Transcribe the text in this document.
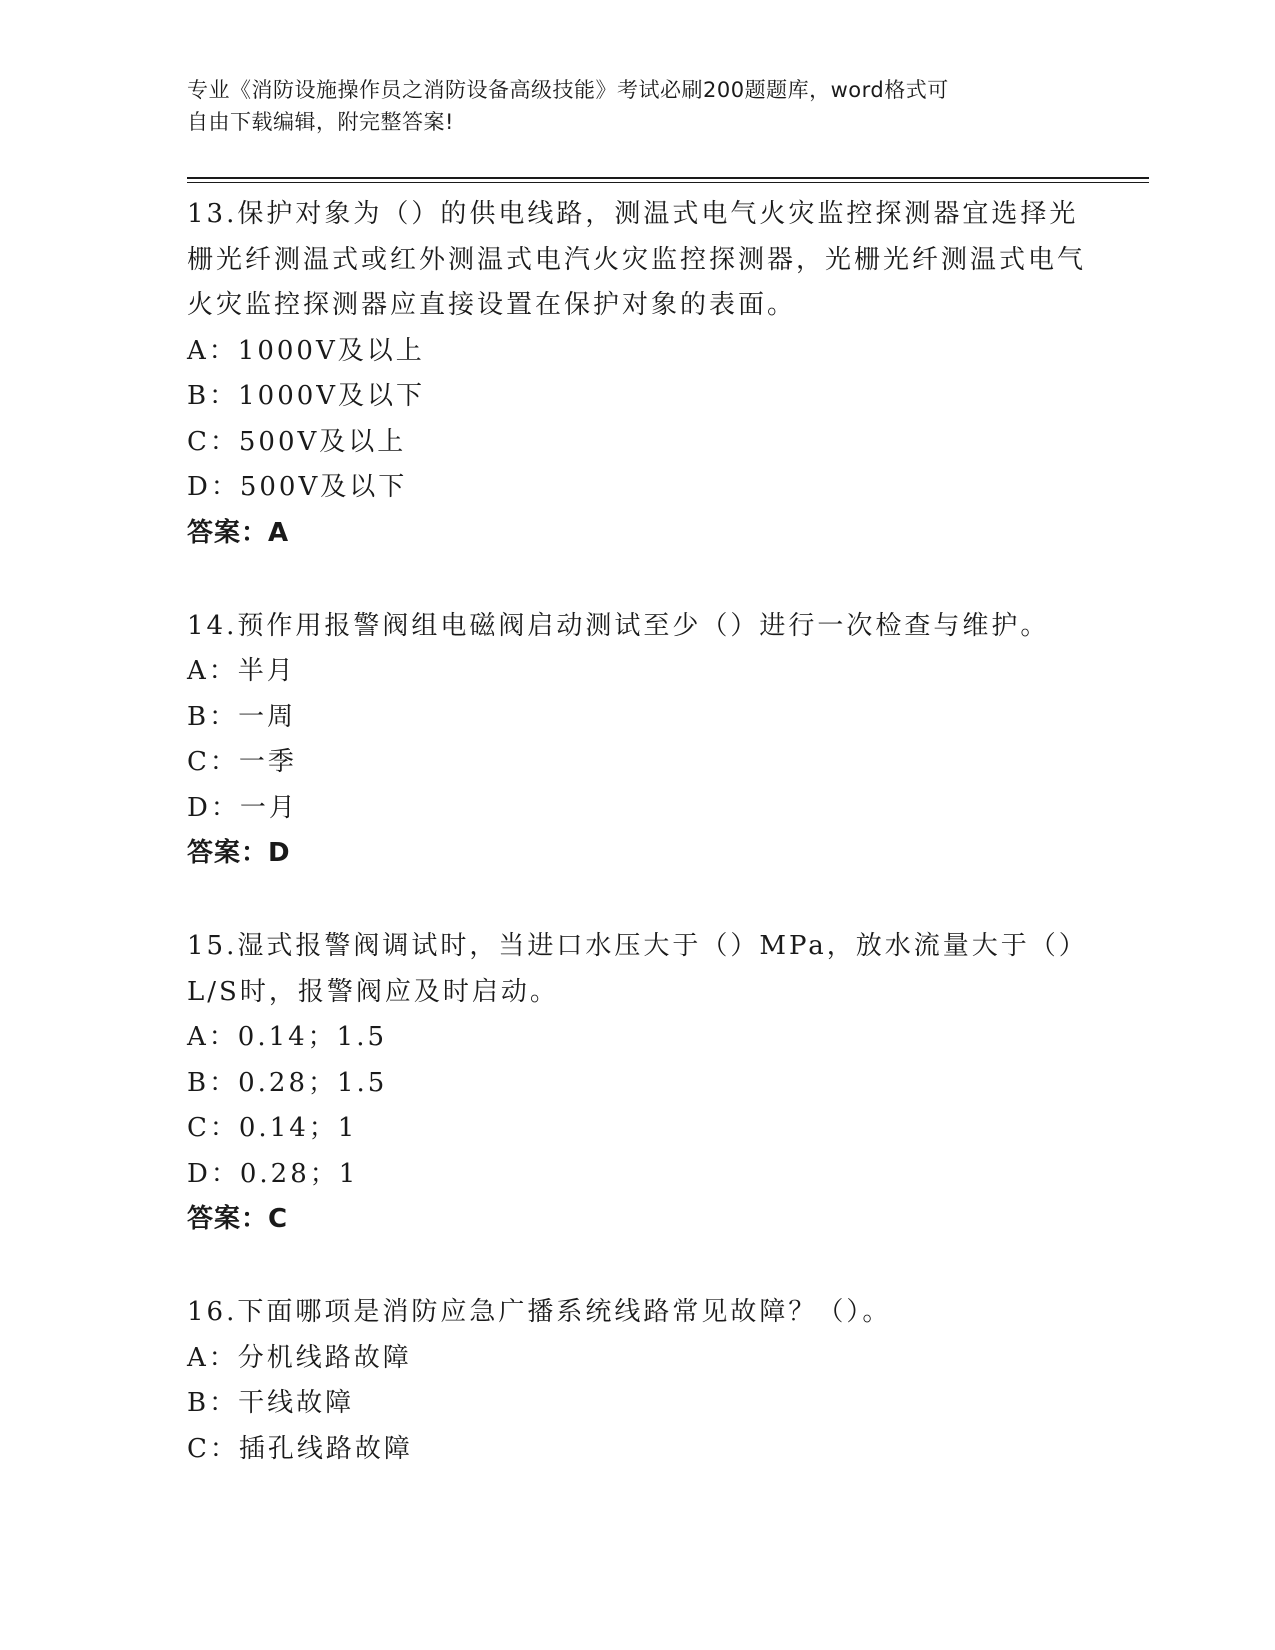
专业《消防设施操作员之消防设备高级技能》考试必刷200题题库，word格式可
自由下载编辑，附完整答案!
13.保护对象为（）的供电线路，测温式电气火灾监控探测器宜选择光栅光纤测温式或红外测温式电汽火灾监控探测器，光栅光纤测温式电气火灾监控探测器应直接设置在保护对象的表面。
A：1000V及以上
B：1000V及以下
C：500V及以上
D：500V及以下
答案：A
14.预作用报警阀组电磁阀启动测试至少（）进行一次检查与维护。
A：半月
B：一周
C：一季
D：一月
答案：D
15.湿式报警阀调试时，当进口水压大于（）MPa，放水流量大于（）L/S时，报警阀应及时启动。
A：0.14；1.5
B：0.28；1.5
C：0.14；1
D：0.28；1
答案：C
16.下面哪项是消防应急广播系统线路常见故障？（）。
A：分机线路故障
B：干线故障
C：插孔线路故障
